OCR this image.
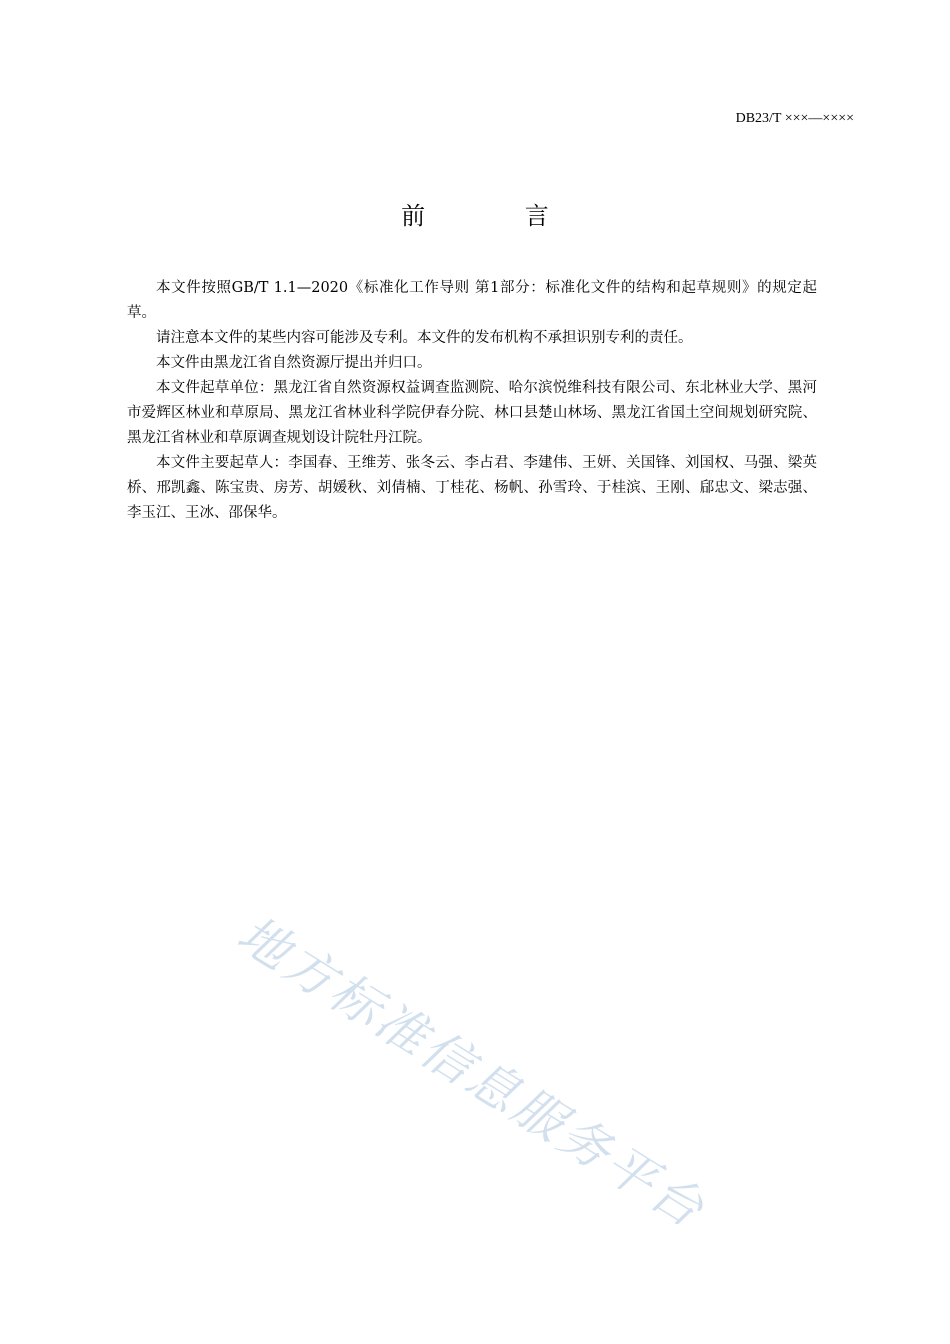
DB23/T ×××—××××
前 言

本文件按照GB/T 1.1—2020《标准化工作导则 第1部分：标准化文件的结构和起草规则》的规定起草。

请注意本文件的某些内容可能涉及专利。本文件的发布机构不承担识别专利的责任。

本文件由黑龙江省自然资源厅提出并归口。

本文件起草单位：黑龙江省自然资源权益调查监测院、哈尔滨悦维科技有限公司、东北林业大学、黑河市爱辉区林业和草原局、黑龙江省林业科学院伊春分院、林口县楚山林场、黑龙江省国土空间规划研究院、黑龙江省林业和草原调查规划设计院牡丹江院。

本文件主要起草人：李国春、王维芳、张冬云、李占君、李建伟、王妍、关国锋、刘国权、马强、梁英桥、邢凯鑫、陈宝贵、房芳、胡媛秋、刘倩楠、丁桂花、杨帆、孙雪玲、于桂滨、王刚、郈忠文、梁志强、李玉江、王冰、邵保华。

地方标准信息服务平台
